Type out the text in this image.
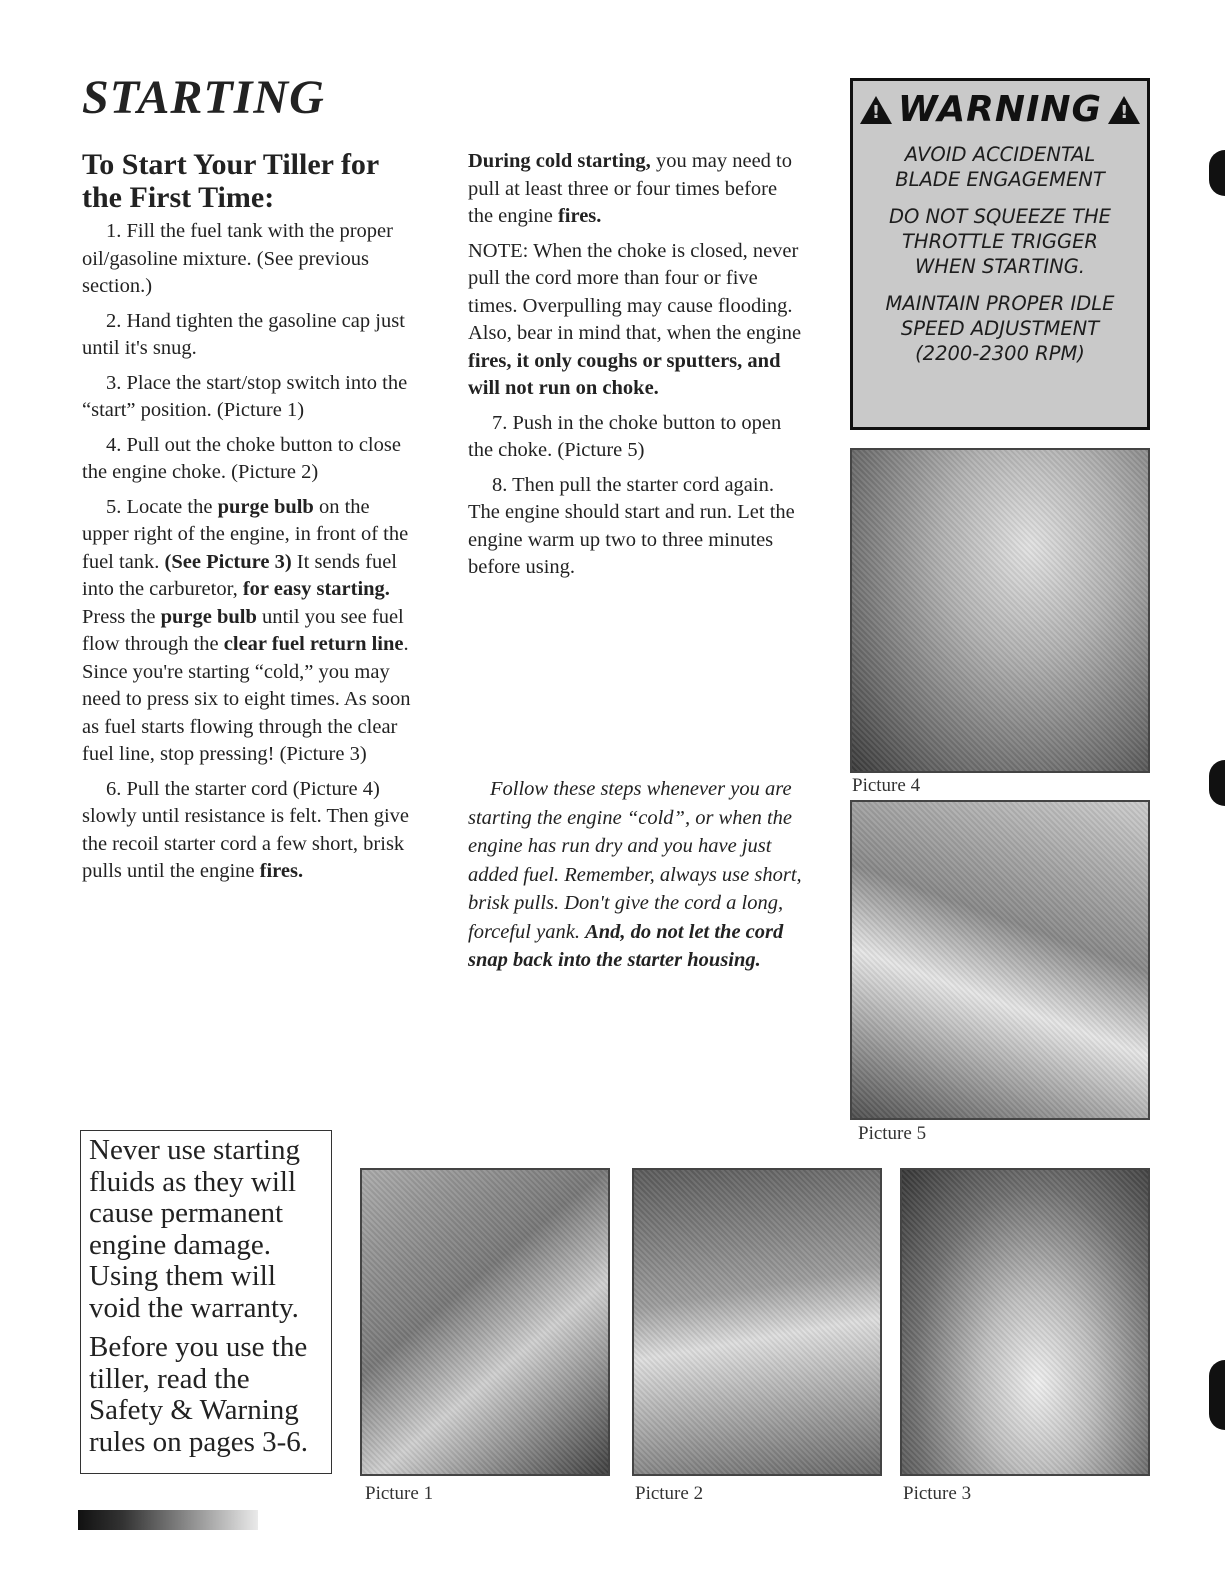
STARTING
To Start Your Tiller for the First Time:

1. Fill the fuel tank with the proper oil/gasoline mixture. (See previous section.)

2. Hand tighten the gasoline cap just until it's snug.

3. Place the start/stop switch into the “start” position. (Picture 1)

4. Pull out the choke button to close the engine choke. (Picture 2)

5. Locate the purge bulb on the upper right of the engine, in front of the fuel tank. (See Picture 3) It sends fuel into the carburetor, for easy starting. Press the purge bulb until you see fuel flow through the clear fuel return line. Since you're starting “cold,” you may need to press six to eight times. As soon as fuel starts flowing through the clear fuel line, stop pressing! (Picture 3)

6. Pull the starter cord (Picture 4) slowly until resistance is felt. Then give the recoil starter cord a few short, brisk pulls until the engine fires.

During cold starting, you may need to pull at least three or four times before the engine fires.

NOTE: When the choke is closed, never pull the cord more than four or five times. Overpulling may cause flooding. Also, bear in mind that, when the engine fires, it only coughs or sputters, and will not run on choke.

7. Push in the choke button to open the choke. (Picture 5)

8. Then pull the starter cord again. The engine should start and run. Let the engine warm up two to three minutes before using.

Follow these steps whenever you are starting the engine “cold”, or when the engine has run dry and you have just added fuel. Remember, always use short, brisk pulls. Don't give the cord a long, forceful yank. And, do not let the cord snap back into the starter housing.

! WARNING !
AVOID ACCIDENTAL
BLADE ENGAGEMENT
DO NOT SQUEEZE THE
THROTTLE TRIGGER
WHEN STARTING.
MAINTAIN PROPER IDLE
SPEED ADJUSTMENT
(2200-2300 RPM)
Picture 4
Picture 5

Never use starting fluids as they will cause permanent engine damage. Using them will void the warranty.

Before you use the tiller, read the Safety & Warning rules on pages 3-6.

Picture 1	Picture 2	Picture 3
